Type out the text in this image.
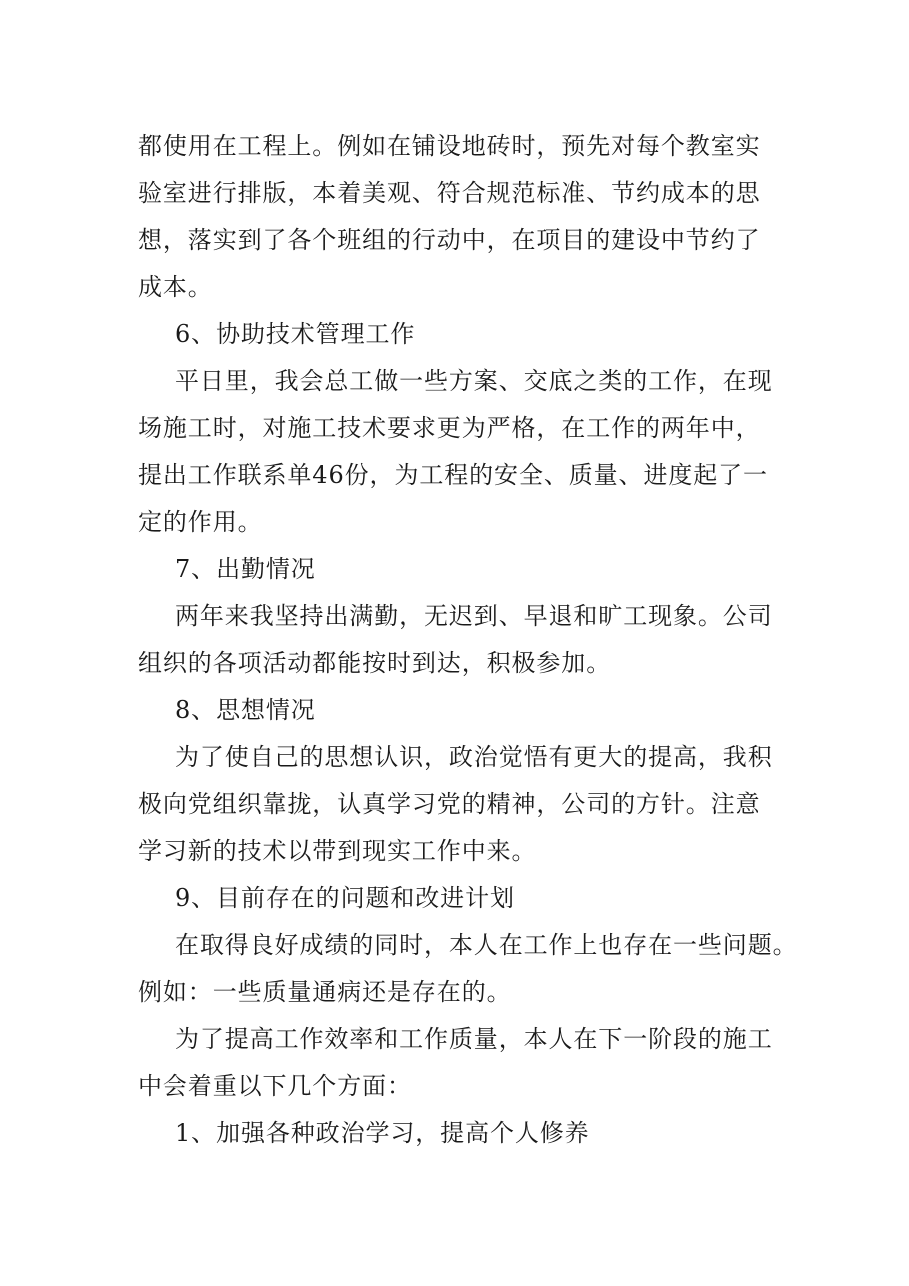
都使用在工程上。例如在铺设地砖时，预先对每个教室实
验室进行排版，本着美观、符合规范标准、节约成本的思
想，落实到了各个班组的行动中，在项目的建设中节约了
成本。
6、协助技术管理工作
平日里，我会总工做一些方案、交底之类的工作，在现
场施工时，对施工技术要求更为严格，在工作的两年中，
提出工作联系单46份，为工程的安全、质量、进度起了一
定的作用。
7、出勤情况
两年来我坚持出满勤，无迟到、早退和旷工现象。公司
组织的各项活动都能按时到达，积极参加。
8、思想情况
为了使自己的思想认识，政治觉悟有更大的提高，我积
极向党组织靠拢，认真学习党的精神，公司的方针。注意
学习新的技术以带到现实工作中来。
9、目前存在的问题和改进计划
在取得良好成绩的同时，本人在工作上也存在一些问题。
例如：一些质量通病还是存在的。
为了提高工作效率和工作质量，本人在下一阶段的施工
中会着重以下几个方面：
1、加强各种政治学习，提高个人修养
